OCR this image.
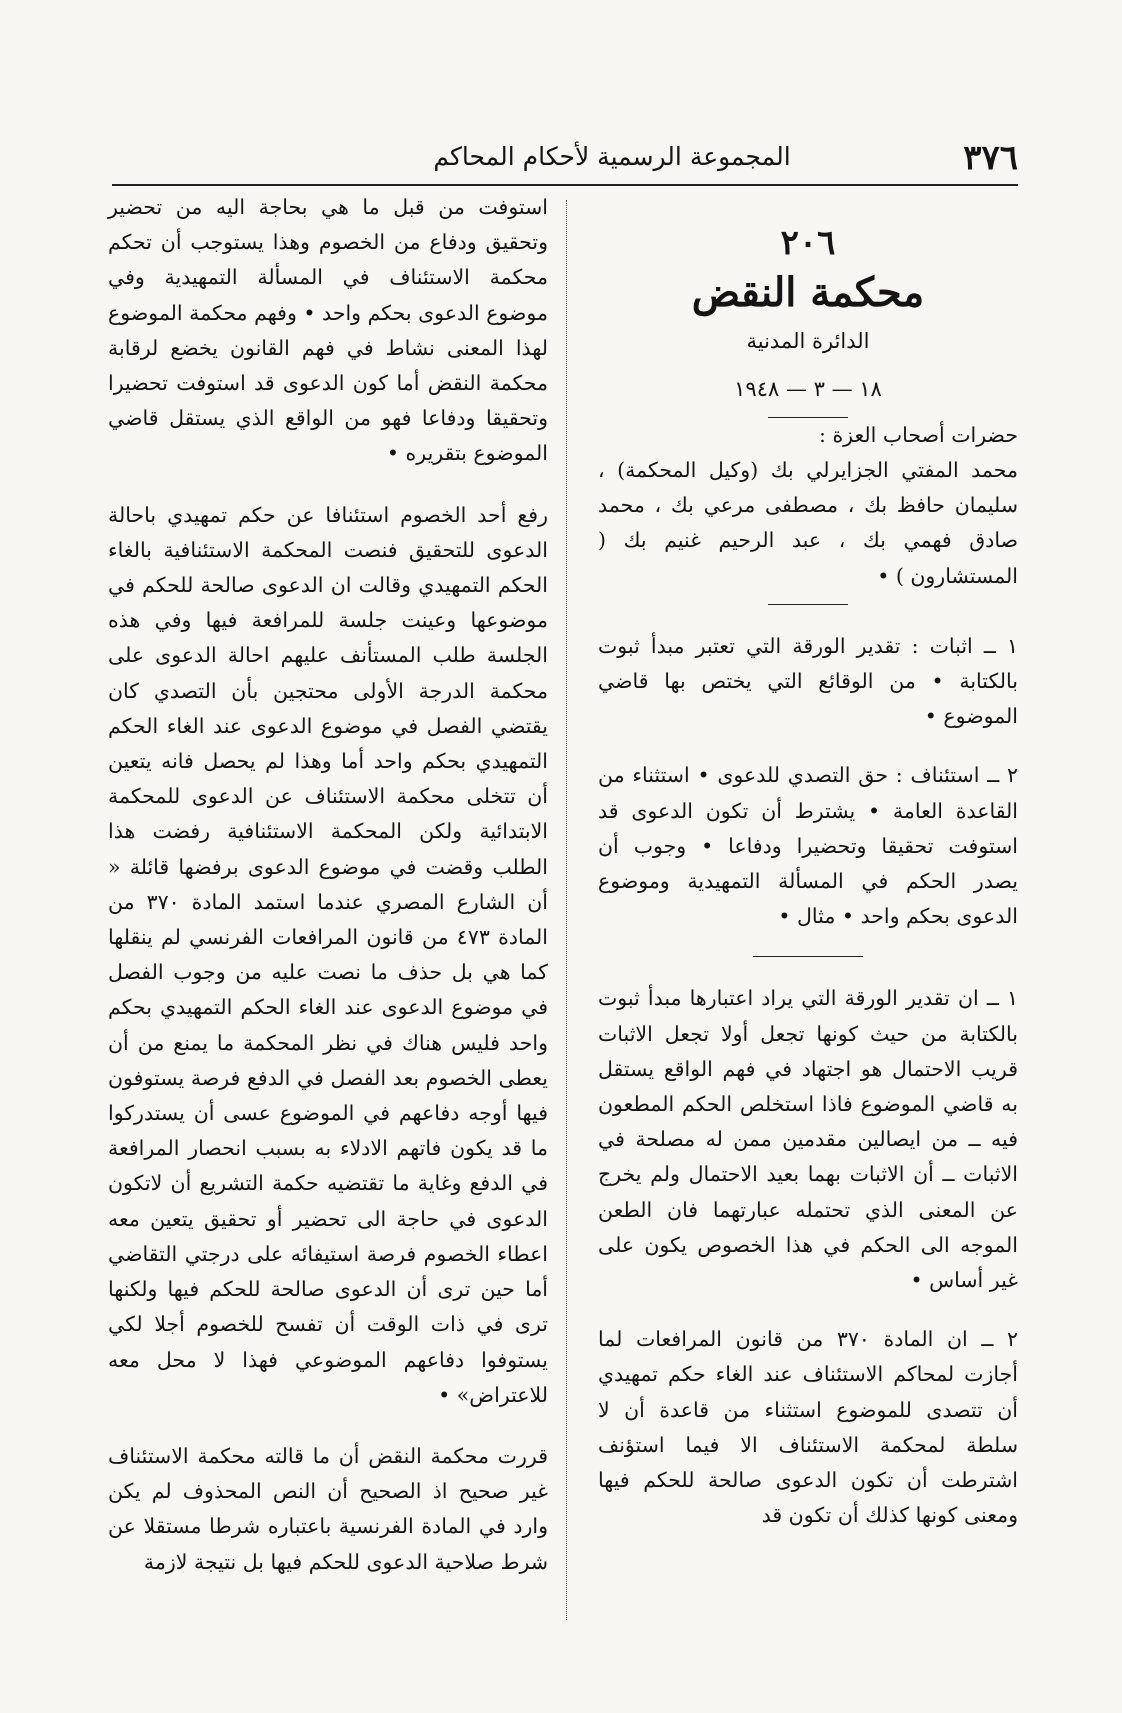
٣٧٦
المجموعة الرسمية لأحكام المحاكم
٢٠٦
محكمة النقض
الدائرة المدنية
١٨ — ٣ — ١٩٤٨

حضرات أصحاب العزة :

محمد المفتي الجزايرلي بك (وكيل المحكمة) ، سليمان حافظ بك ، مصطفى مرعي بك ، محمد صادق فهمي بك ، عبد الرحيم غنيم بك ( المستشارون ) •

١ ــ اثبات : تقدير الورقة التي تعتبر مبدأ ثبوت بالكتابة • من الوقائع التي يختص بها قاضي الموضوع •

٢ ــ استئناف : حق التصدي للدعوى • استثناء من القاعدة العامة • يشترط أن تكون الدعوى قد استوفت تحقيقا وتحضيرا ودفاعا • وجوب أن يصدر الحكم في المسألة التمهيدية وموضوع الدعوى بحكم واحد • مثال •

١ ــ ان تقدير الورقة التي يراد اعتبارها مبدأ ثبوت بالكتابة من حيث كونها تجعل أولا تجعل الاثبات قريب الاحتمال هو اجتهاد في فهم الواقع يستقل به قاضي الموضوع فاذا استخلص الحكم المطعون فيه ــ من ايصالين مقدمين ممن له مصلحة في الاثبات ــ أن الاثبات بهما بعيد الاحتمال ولم يخرج عن المعنى الذي تحتمله عبارتهما فان الطعن الموجه الى الحكم في هذا الخصوص يكون على غير أساس •

٢ ــ ان المادة ٣٧٠ من قانون المرافعات لما أجازت لمحاكم الاستئناف عند الغاء حكم تمهيدي أن تتصدى للموضوع استثناء من قاعدة أن لا سلطة لمحكمة الاستئناف الا فيما استؤنف اشترطت أن تكون الدعوى صالحة للحكم فيها ومعنى كونها كذلك أن تكون قد

استوفت من قبل ما هي بحاجة اليه من تحضير وتحقيق ودفاع من الخصوم وهذا يستوجب أن تحكم محكمة الاستئناف في المسألة التمهيدية وفي موضوع الدعوى بحكم واحد • وفهم محكمة الموضوع لهذا المعنى نشاط في فهم القانون يخضع لرقابة محكمة النقض أما كون الدعوى قد استوفت تحضيرا وتحقيقا ودفاعا فهو من الواقع الذي يستقل قاضي الموضوع بتقريره •

رفع أحد الخصوم استئنافا عن حكم تمهيدي باحالة الدعوى للتحقيق فنصت المحكمة الاستئنافية بالغاء الحكم التمهيدي وقالت ان الدعوى صالحة للحكم في موضوعها وعينت جلسة للمرافعة فيها وفي هذه الجلسة طلب المستأنف عليهم احالة الدعوى على محكمة الدرجة الأولى محتجين بأن التصدي كان يقتضي الفصل في موضوع الدعوى عند الغاء الحكم التمهيدي بحكم واحد أما وهذا لم يحصل فانه يتعين أن تتخلى محكمة الاستئناف عن الدعوى للمحكمة الابتدائية ولكن المحكمة الاستئنافية رفضت هذا الطلب وقضت في موضوع الدعوى برفضها قائلة « أن الشارع المصري عندما استمد المادة ٣٧٠ من المادة ٤٧٣ من قانون المرافعات الفرنسي لم ينقلها كما هي بل حذف ما نصت عليه من وجوب الفصل في موضوع الدعوى عند الغاء الحكم التمهيدي بحكم واحد فليس هناك في نظر المحكمة ما يمنع من أن يعطى الخصوم بعد الفصل في الدفع فرصة يستوفون فيها أوجه دفاعهم في الموضوع عسى أن يستدركوا ما قد يكون فاتهم الادلاء به بسبب انحصار المرافعة في الدفع وغاية ما تقتضيه حكمة التشريع أن لاتكون الدعوى في حاجة الى تحضير أو تحقيق يتعين معه اعطاء الخصوم فرصة استيفائه على درجتي التقاضي أما حين ترى أن الدعوى صالحة للحكم فيها ولكنها ترى في ذات الوقت أن تفسح للخصوم أجلا لكي يستوفوا دفاعهم الموضوعي فهذا لا محل معه للاعتراض» •

قررت محكمة النقض أن ما قالته محكمة الاستئناف غير صحيح اذ الصحيح أن النص المحذوف لم يكن وارد في المادة الفرنسية باعتباره شرطا مستقلا عن شرط صلاحية الدعوى للحكم فيها بل نتيجة لازمة
